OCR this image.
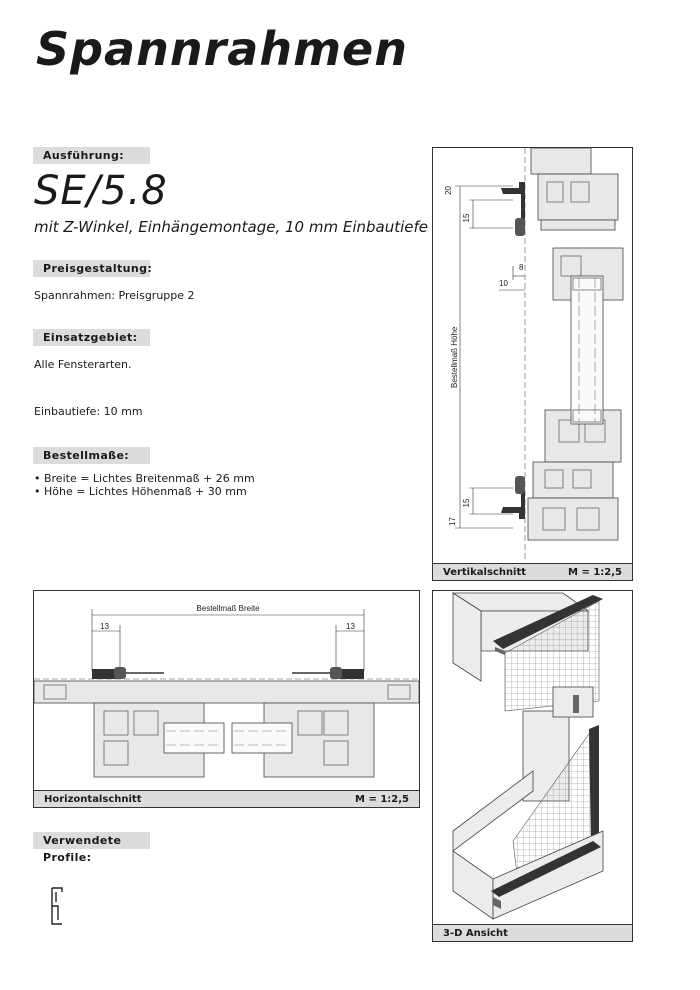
Spannrahmen
Ausführung:
SE/5.8
mit Z-Winkel, Einhängemontage, 10 mm Einbautiefe
Preisgestaltung:
Spannrahmen: Preisgruppe 2
Einsatzgebiet:
Alle Fensterarten.
Einbautiefe: 10 mm
Bestellmaße:
• Breite = Lichtes Breitenmaß + 26 mm
• Höhe = Lichtes Höhenmaß + 30 mm
Verwendete Profile:
20
15
8
10
15
17
Bestellmaß Höhe
Vertikalschnitt	M = 1:2,5
Bestellmaß Breite
13	13
Horizontalschnitt	M = 1:2,5
3-D Ansicht
